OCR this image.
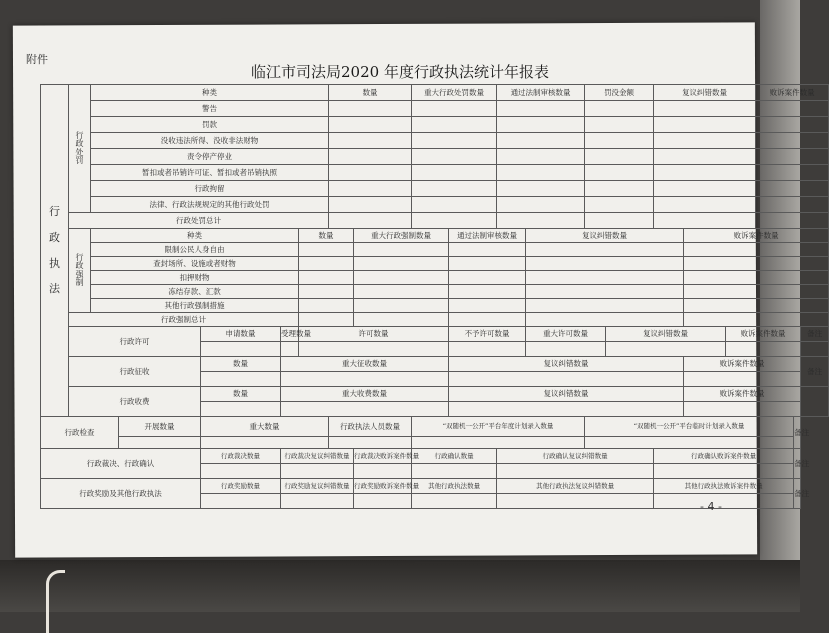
附件
临江市司法局2020 年度行政执法统计年报表
行
政
执
法	行
政
处
罚	种类					数量		重大行政处罚数量		通过法制审核数量		罚没金额		复议纠错数量			败诉案件数量	
		警告																			
		罚款																			
		没收违法所得、没收非法财物																			
		责令停产停业																			
		暂扣或者吊销许可证、暂扣或者吊销执照																			
		行政拘留																			
		法律、行政法规规定的其他行政处罚																			
	行政处罚总计																				

	行
政
强
制	种类				数量		重大行政强制数量		通过法制审核数量		复议纠错数量				败诉案件数量	
		限制公民人身自由																			
		查封场所、设施或者财物																			
		扣押财物																			
		冻结存款、汇款																			
		其他行政强制措施																			
	行政强制总计																				
	行政许可			申请数量	受理数量	许可数量				不予许可数量		重大许可数量		复议纠错数量			败诉案件数量			备注	

	行政征收			数量	重大征收数量					复议纠错数量						败诉案件数量				备注	

	行政收费			数量	重大收费数量					复议纠错数量						败诉案件数量					

行政检查			开展数量	重大数量			行政执法人员数量		“双随机一公开”平台年度计划录入数量				“双随机一公开”平台临时计划录入数量						备注		

行政裁决、行政确认				行政裁决数量	行政裁决复议纠错数量			行政裁决败诉案件数量	行政确认数量		行政确认复议纠错数量				行政确认败诉案件数量				备注		

行政奖励及其他行政执法				行政奖励数量	行政奖励复议纠错数量			行政奖励败诉案件数量	其他行政执法数量		其他行政执法复议纠错数量				其他行政执法败诉案件数量				备注		

- 4 -
